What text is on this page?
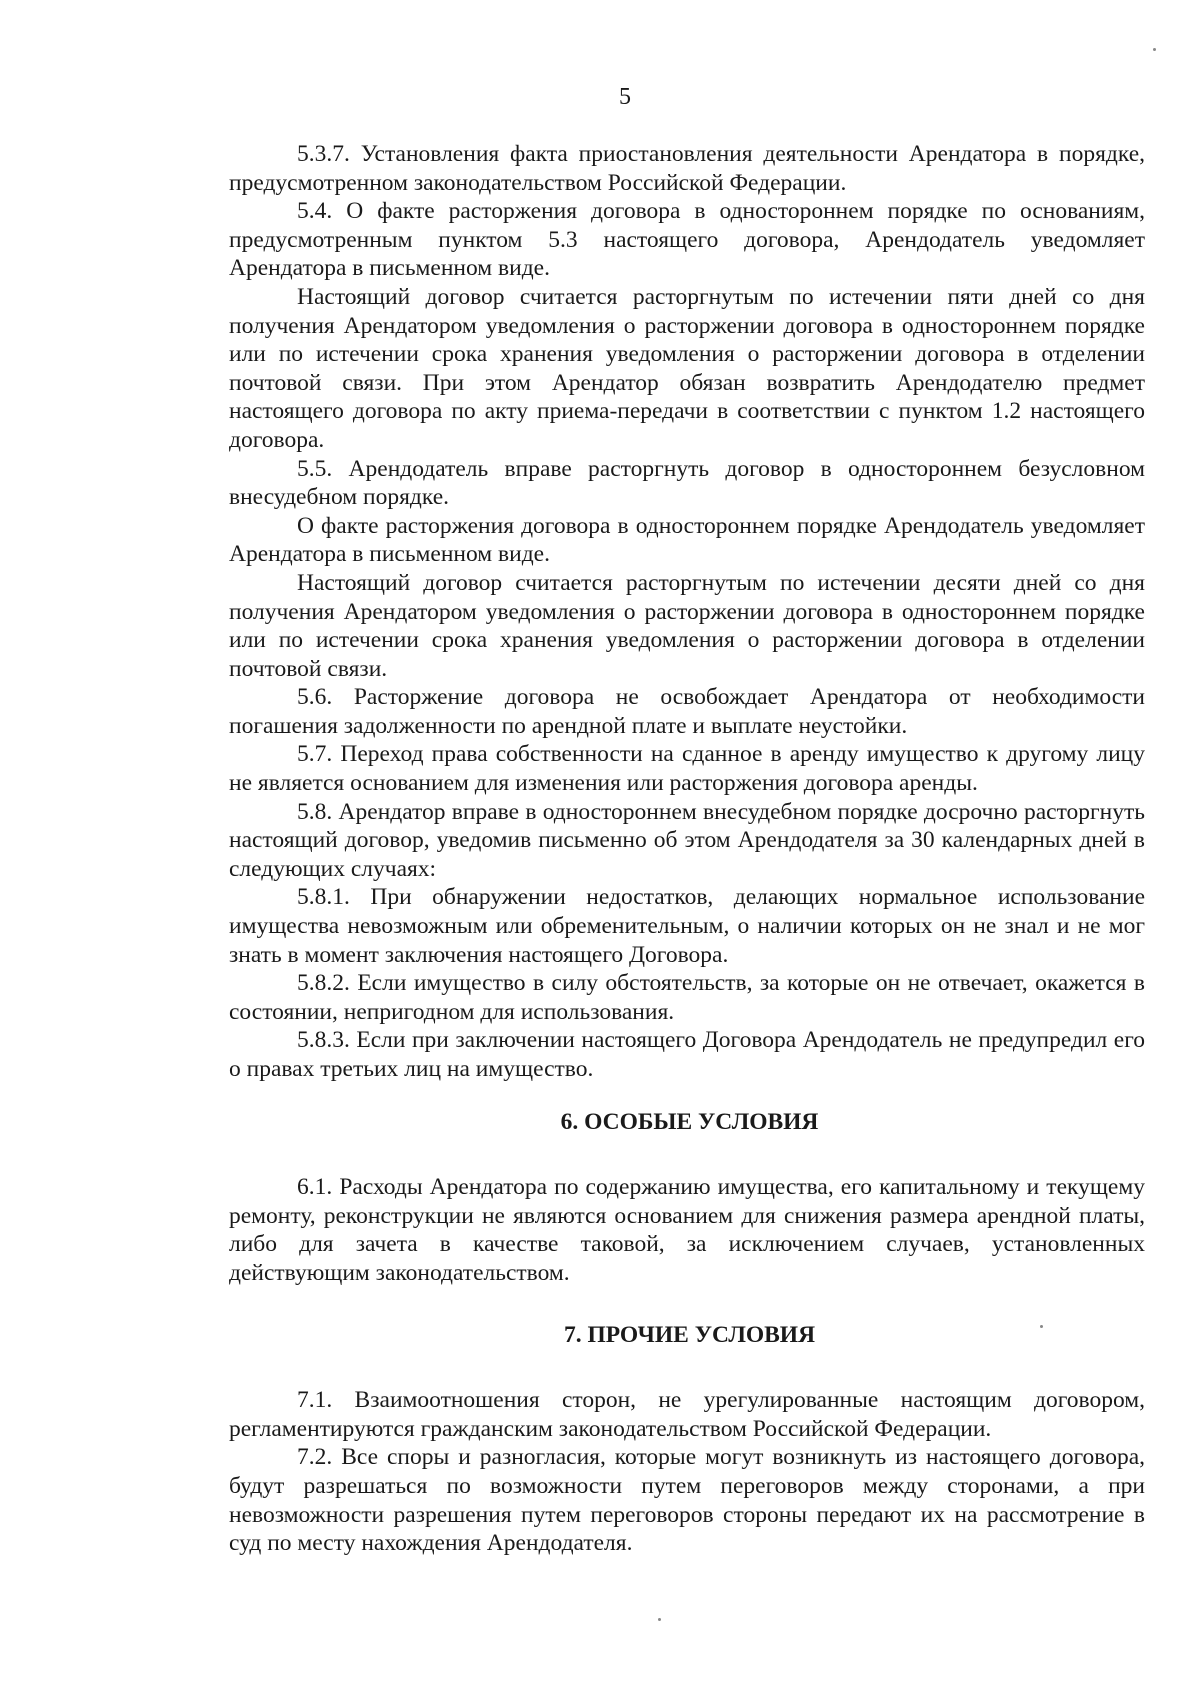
5

5.3.7. Установления факта приостановления деятельности Арендатора в порядке, предусмотренном законодательством Российской Федерации.

5.4. О факте расторжения договора в одностороннем порядке по основаниям, предусмотренным пунктом 5.3 настоящего договора, Арендодатель уведомляет Арендатора в письменном виде.

Настоящий договор считается расторгнутым по истечении пяти дней со дня получения Арендатором уведомления о расторжении договора в одностороннем порядке или по истечении срока хранения уведомления о расторжении договора в отделении почтовой связи. При этом Арендатор обязан возвратить Арендодателю предмет настоящего договора по акту приема-передачи в соответствии с пунктом 1.2 настоящего договора.

5.5. Арендодатель вправе расторгнуть договор в одностороннем безусловном внесудебном порядке.

О факте расторжения договора в одностороннем порядке Арендодатель уведомляет Арендатора в письменном виде.

Настоящий договор считается расторгнутым по истечении десяти дней со дня получения Арендатором уведомления о расторжении договора в одностороннем порядке или по истечении срока хранения уведомления о расторжении договора в отделении почтовой связи.

5.6. Расторжение договора не освобождает Арендатора от необходимости погашения задолженности по арендной плате и выплате неустойки.

5.7. Переход права собственности на сданное в аренду имущество к другому лицу не является основанием для изменения или расторжения договора аренды.

5.8. Арендатор вправе в одностороннем внесудебном порядке досрочно расторгнуть настоящий договор, уведомив письменно об этом Арендодателя за 30 календарных дней в следующих случаях:

5.8.1. При обнаружении недостатков, делающих нормальное использование имущества невозможным или обременительным, о наличии которых он не знал и не мог знать в момент заключения настоящего Договора.

5.8.2. Если имущество в силу обстоятельств, за которые он не отвечает, окажется в состоянии, непригодном для использования.

5.8.3. Если при заключении настоящего Договора Арендодатель не предупредил его о правах третьих лиц на имущество.

6. ОСОБЫЕ УСЛОВИЯ

6.1. Расходы Арендатора по содержанию имущества, его капитальному и текущему ремонту, реконструкции не являются основанием для снижения размера арендной платы, либо для зачета в качестве таковой, за исключением случаев, установленных действующим законодательством.

7. ПРОЧИЕ УСЛОВИЯ

7.1. Взаимоотношения сторон, не урегулированные настоящим договором, регламентируются гражданским законодательством Российской Федерации.

7.2. Все споры и разногласия, которые могут возникнуть из настоящего договора, будут разрешаться по возможности путем переговоров между сторонами, а при невозможности разрешения путем переговоров стороны передают их на рассмотрение в суд по месту нахождения Арендодателя.
